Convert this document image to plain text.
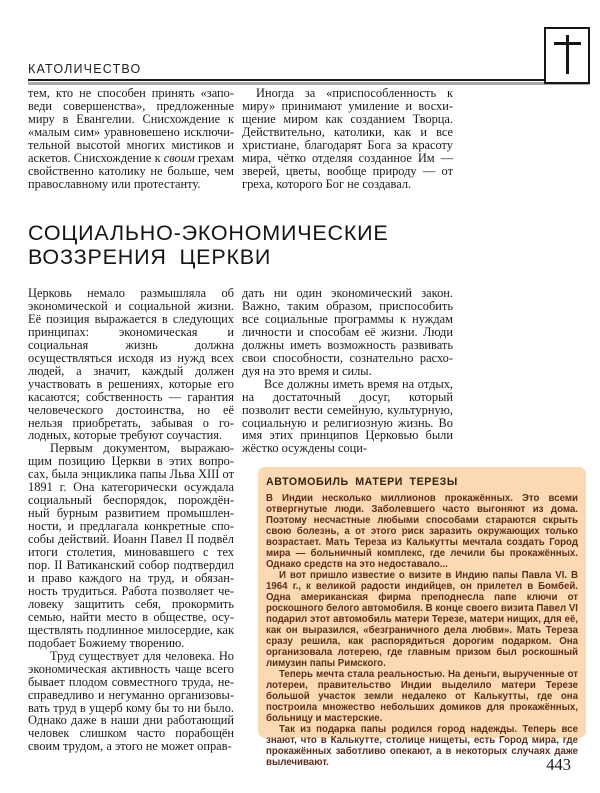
КАТОЛИЧЕСТВО

тем, кто не способен принять «заповеди совершенства», предложенные миру в Евангелии. Снисхождение к «малым сим» уравновешено исключительной высотой многих мистиков и аскетов. Снисхождение к своим грехам свойственно католику не больше, чем православному или протестанту.

Иногда за «приспособленность к миру» принимают умиление и восхищение миром как созданием Творца. Действительно, католики, как и все христиане, благодарят Бога за красоту мира, чётко отделяя созданное Им — зверей, цветы, вообще природу — от греха, которого Бог не создавал.

СОЦИАЛЬНО-ЭКОНОМИЧЕСКИЕ
ВОЗЗРЕНИЯ ЦЕРКВИ

Церковь немало размышляла об экономической и социальной жизни. Её позиция выражается в следующих принципах: экономическая и социальная жизнь должна осуществляться исходя из нужд всех людей, а значит, каждый должен участвовать в решениях, которые его касаются; собственность — гарантия человеческого достоинства, но её нельзя приобретать, забывая о голодных, которые требуют соучастия.

Первым документом, выражающим позицию Церкви в этих вопросах, была энциклика папы Льва XIII от 1891 г. Она категорически осуждала социальный беспорядок, порождённый бурным развитием промышленности, и предлагала конкретные способы действий. Иоанн Павел II подвёл итоги столетия, миновавшего с тех пор. II Ватиканский собор подтвердил и право каждого на труд, и обязанность трудиться. Работа позволяет человеку защитить себя, прокормить семью, найти место в обществе, осуществлять подлинное милосердие, как подобает Божиему творению.

Труд существует для человека. Но экономическая активность чаще всего бывает плодом совместного труда, несправедливо и негуманно организовывать труд в ущерб кому бы то ни было. Однако даже в наши дни работающий человек слишком часто порабощён своим трудом, а этого не может оправ-

дать ни один экономический закон. Важно, таким образом, приспособить все социальные программы к нуждам личности и способам её жизни. Люди должны иметь возможность развивать свои способности, сознательно расходуя на это время и силы.

Все должны иметь время на отдых, на достаточный досуг, который позволит вести семейную, культурную, социальную и религиозную жизнь. Во имя этих принципов Церковью были жёстко осуждены соци-

АВТОМОБИЛЬ МАТЕРИ ТЕРЕЗЫ

В Индии несколько миллионов прокажённых. Это всеми отвергнутые люди. Заболевшего часто выгоняют из дома. Поэтому несчастные любыми способами стараются скрыть свою болезнь, а от этого риск заразить окружающих только возрастает. Мать Тереза из Калькутты мечтала создать Город мира — больничный комплекс, где лечили бы прокажённых. Однако средств на это недоставало...

И вот пришло известие о визите в Индию папы Павла VI. В 1964 г., к великой радости индийцев, он прилетел в Бомбей. Одна американская фирма преподнесла папе ключи от роскошного белого автомобиля. В конце своего визита Павел VI подарил этот автомобиль матери Терезе, матери нищих, для её, как он выразился, «безграничного дела любви». Мать Тереза сразу решила, как распорядиться дорогим подарком. Она организовала лотерею, где главным призом был роскошный лимузин папы Римского.

Теперь мечта стала реальностью. На деньги, вырученные от лотереи, правительство Индии выделило матери Терезе большой участок земли недалеко от Калькутты, где она построила множество небольших домиков для прокажённых, больницу и мастерские.

Так из подарка папы родился город надежды. Теперь все знают, что в Калькутте, столице нищеты, есть Город мира, где прокажённых заботливо опекают, а в некоторых случаях даже вылечивают.	443
